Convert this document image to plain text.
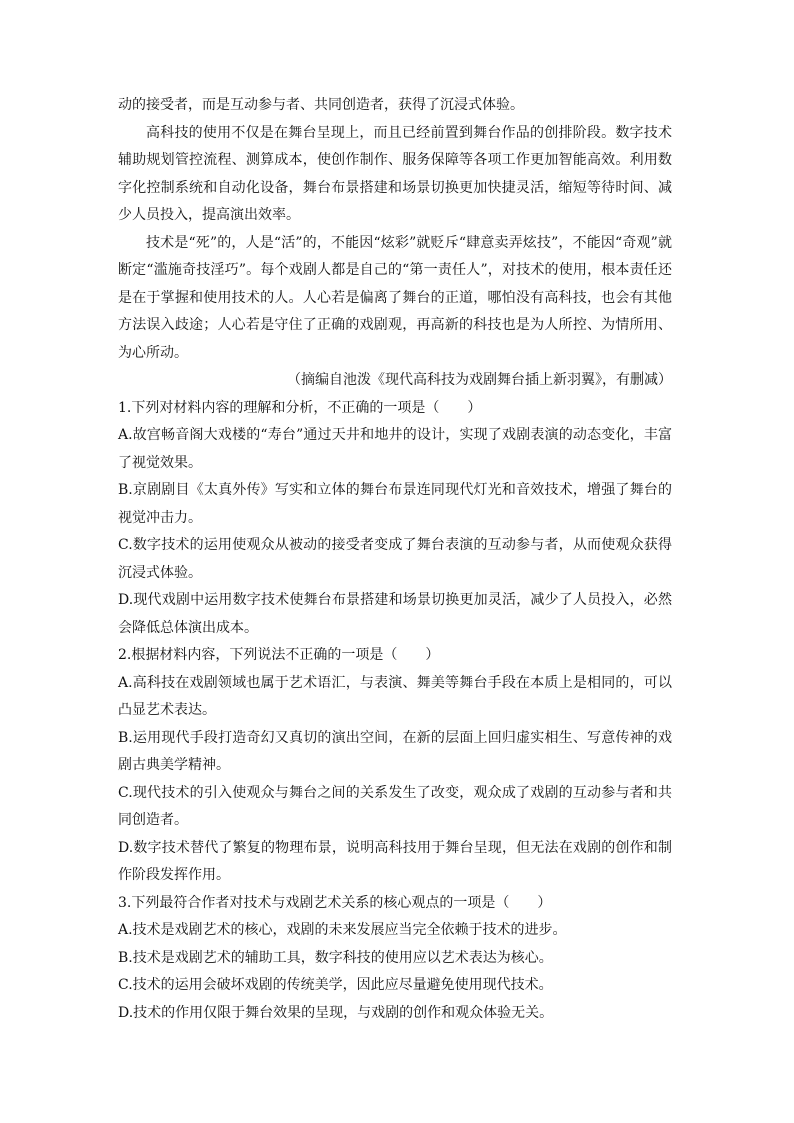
动的接受者，而是互动参与者、共同创造者，获得了沉浸式体验。

高科技的使用不仅是在舞台呈现上，而且已经前置到舞台作品的创排阶段。数字技术辅助规划管控流程、测算成本，使创作制作、服务保障等各项工作更加智能高效。利用数字化控制系统和自动化设备，舞台布景搭建和场景切换更加快捷灵活，缩短等待时间、减少人员投入，提高演出效率。

技术是“死”的，人是“活”的，不能因“炫彩”就贬斥“肆意卖弄炫技”，不能因“奇观”就断定“滥施奇技淫巧”。每个戏剧人都是自己的“第一责任人”，对技术的使用，根本责任还是在于掌握和使用技术的人。人心若是偏离了舞台的正道，哪怕没有高科技，也会有其他方法误入歧途；人心若是守住了正确的戏剧观，再高新的科技也是为人所控、为情所用、为心所动。

（摘编自池泼《现代高科技为戏剧舞台插上新羽翼》，有删减）

1.下列对材料内容的理解和分析，不正确的一项是（　　）

A.故宫畅音阁大戏楼的“寿台”通过天井和地井的设计，实现了戏剧表演的动态变化，丰富了视觉效果。

B.京剧剧目《太真外传》写实和立体的舞台布景连同现代灯光和音效技术，增强了舞台的视觉冲击力。

C.数字技术的运用使观众从被动的接受者变成了舞台表演的互动参与者，从而使观众获得沉浸式体验。

D.现代戏剧中运用数字技术使舞台布景搭建和场景切换更加灵活，减少了人员投入，必然会降低总体演出成本。

2.根据材料内容，下列说法不正确的一项是（　　）

A.高科技在戏剧领域也属于艺术语汇，与表演、舞美等舞台手段在本质上是相同的，可以凸显艺术表达。

B.运用现代手段打造奇幻又真切的演出空间，在新的层面上回归虚实相生、写意传神的戏剧古典美学精神。

C.现代技术的引入使观众与舞台之间的关系发生了改变，观众成了戏剧的互动参与者和共同创造者。

D.数字技术替代了繁复的物理布景，说明高科技用于舞台呈现，但无法在戏剧的创作和制作阶段发挥作用。

3.下列最符合作者对技术与戏剧艺术关系的核心观点的一项是（　　）

A.技术是戏剧艺术的核心，戏剧的未来发展应当完全依赖于技术的进步。

B.技术是戏剧艺术的辅助工具，数字科技的使用应以艺术表达为核心。

C.技术的运用会破坏戏剧的传统美学，因此应尽量避免使用现代技术。

D.技术的作用仅限于舞台效果的呈现，与戏剧的创作和观众体验无关。
